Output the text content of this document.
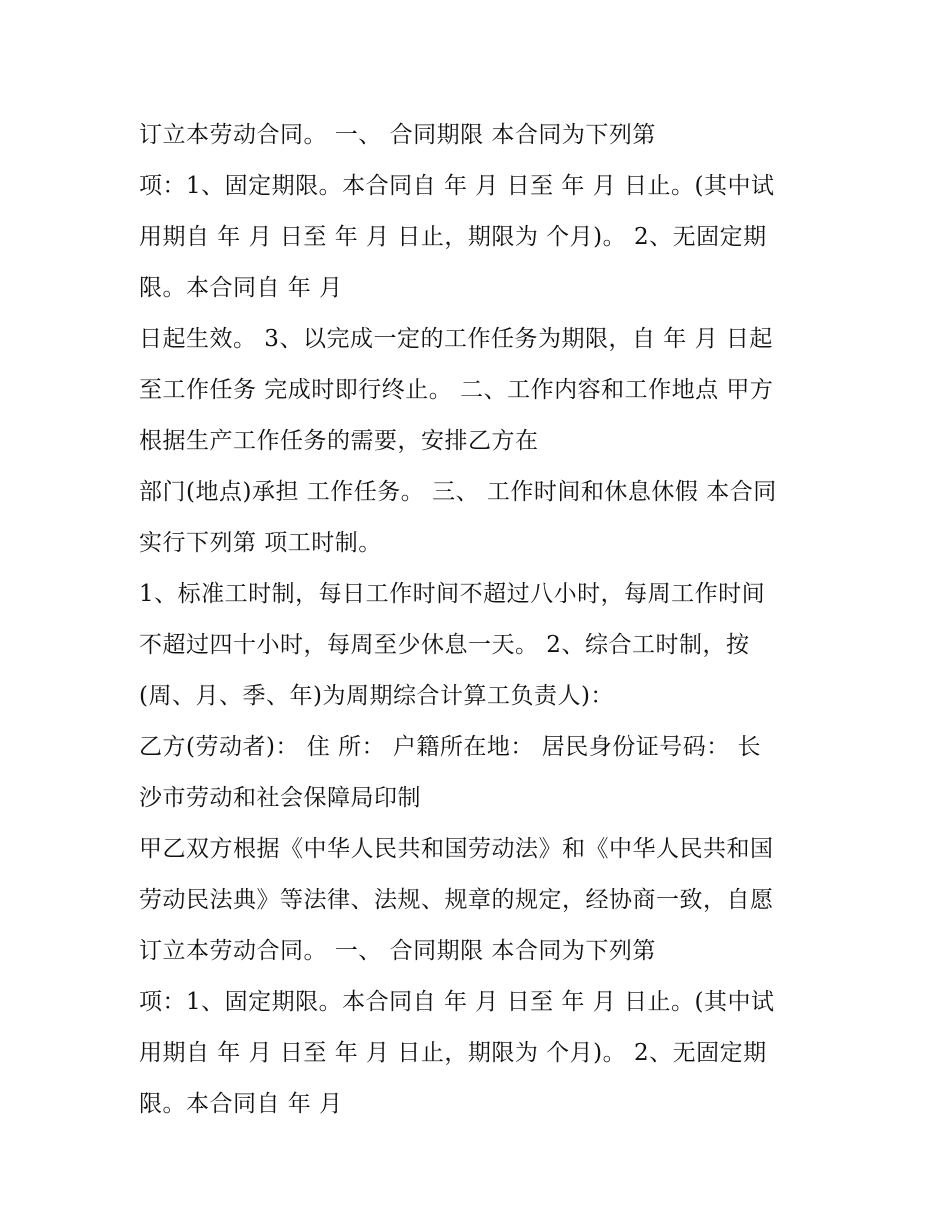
订立本劳动合同。 一、 合同期限 本合同为下列第
项：1、固定期限。本合同自 年 月 日至 年 月 日止。(其中试
用期自 年 月 日至 年 月 日止，期限为 个月)。 2、无固定期
限。本合同自 年 月
日起生效。 3、以完成一定的工作任务为期限，自 年 月 日起
至工作任务 完成时即行终止。 二、工作内容和工作地点 甲方
根据生产工作任务的需要，安排乙方在
部门(地点)承担 工作任务。 三、 工作时间和休息休假 本合同
实行下列第 项工时制。
1、标准工时制，每日工作时间不超过八小时，每周工作时间
不超过四十小时，每周至少休息一天。 2、综合工时制，按
(周、月、季、年)为周期综合计算工负责人)：
乙方(劳动者)： 住 所： 户籍所在地： 居民身份证号码： 长
沙市劳动和社会保障局印制
甲乙双方根据《中华人民共和国劳动法》和《中华人民共和国
劳动民法典》等法律、法规、规章的规定，经协商一致，自愿
订立本劳动合同。 一、 合同期限 本合同为下列第
项：1、固定期限。本合同自 年 月 日至 年 月 日止。(其中试
用期自 年 月 日至 年 月 日止，期限为 个月)。 2、无固定期
限。本合同自 年 月
